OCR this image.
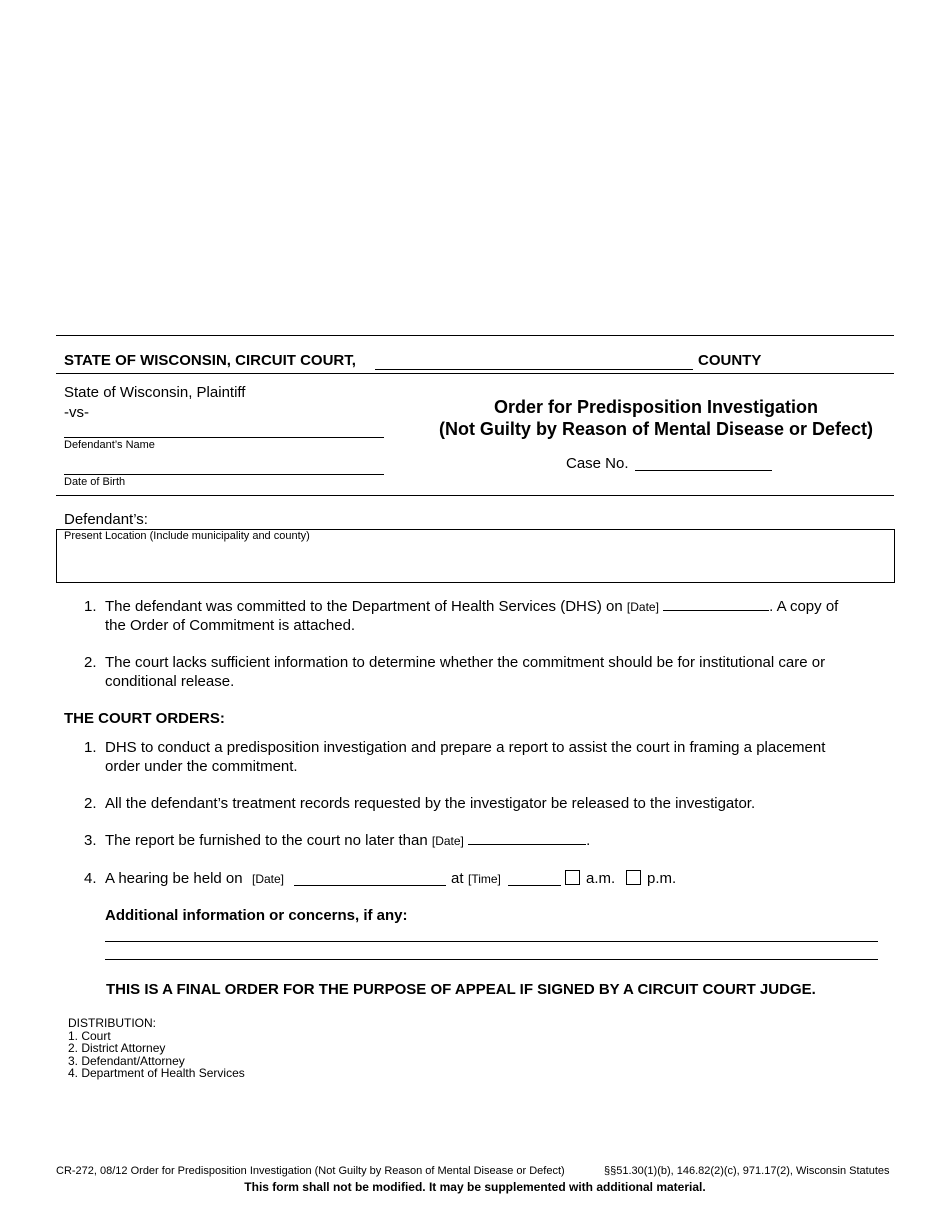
STATE OF WISCONSIN, CIRCUIT COURT,	COUNTY
State of Wisconsin, Plaintiff
-vs-
Defendant’s Name
Date of Birth
Order for Predisposition Investigation
(Not Guilty by Reason of Mental Disease or Defect)
Case No.
Defendant’s:
Present Location (Include municipality and county)
1. The defendant was committed to the Department of Health Services (DHS) on [Date]	. A copy of
the Order of Commitment is attached.
2. The court lacks sufficient information to determine whether the commitment should be for institutional care or
conditional release.
THE COURT ORDERS:
1. DHS to conduct a predisposition investigation and prepare a report to assist the court in framing a placement
order under the commitment.
2. All the defendant’s treatment records requested by the investigator be released to the investigator.
3. The report be furnished to the court no later than [Date]	.
4. A hearing be held on [Date]	at [Time]	a.m. p.m.
Additional information or concerns, if any:
THIS IS A FINAL ORDER FOR THE PURPOSE OF APPEAL IF SIGNED BY A CIRCUIT COURT JUDGE.
DISTRIBUTION:
1. Court
2. District Attorney
3. Defendant/Attorney
4. Department of Health Services
CR-272, 08/12 Order for Predisposition Investigation (Not Guilty by Reason of Mental Disease or Defect)	§§51.30(1)(b), 146.82(2)(c), 971.17(2), Wisconsin Statutes
This form shall not be modified. It may be supplemented with additional material.
